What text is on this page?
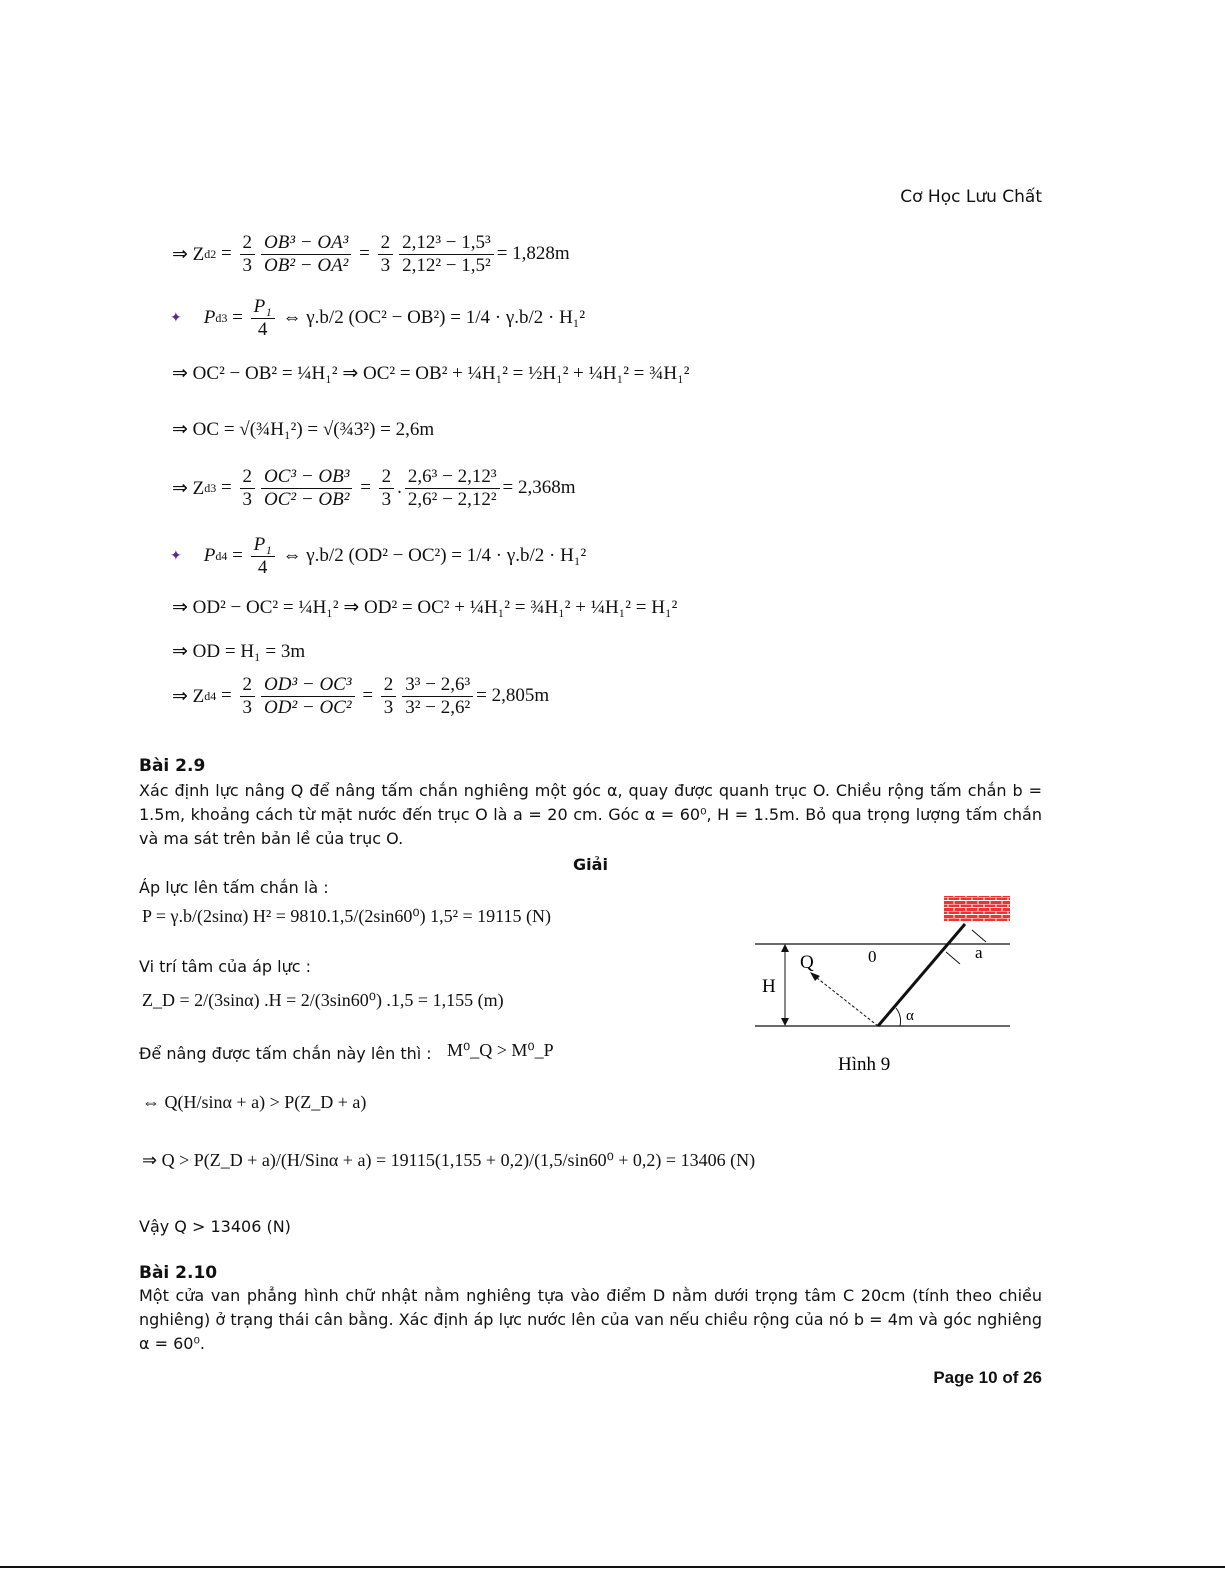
Cơ Học Lưu Chất
⇒ Z $d2 = \frac{2}{3} \frac{\text{OB³ − OA³}}{\text{OB² − OA²}} = \frac{2}{3} \frac{\text{2,12³ − 1,5³}}{\text{2,12² − 1,5²}} = 1,828m$
✦ P $d3 = \frac{\text{P₁}}{4}$
⇔ γ.b/2 (OC² − OB²) = 1/4 · γ.b/2 · H₁²
⇒ OC² − OB² = ¼H₁² ⇒ OC² = OB² + ¼H₁² = ½H₁² + ¼H₁² = ¾H₁²
⇒ OC = √(¾H₁²) = √(¾3²) = 2,6m
⇒ Z $d3 = \frac{2}{3} \frac{\text{OC³ − OB³}}{\text{OC² − OB²}} = \frac{2}{3}$ . $\frac{\text{2,6³ − 2,12³}}{\text{2,6² − 2,12²}} = 2,368m$
✦ P $d4 = \frac{\text{P₁}}{4}$
⇔ γ.b/2 (OD² − OC²) = 1/4 · γ.b/2 · H₁²
⇒ OD² − OC² = ¼H₁² ⇒ OD² = OC² + ¼H₁² = ¾H₁² + ¼H₁² = H₁²
⇒ OD = H₁ = 3m
⇒ Z $d4 = \frac{2}{3} \frac{\text{OD³ − OC³}}{\text{OD² − OC²}} = \frac{2}{3} \frac{\text{3³ − 2,6³}}{\text{3² − 2,6²}} = 2,805m$
Bài 2.9
Xác định lực nâng Q để nâng tấm chắn nghiêng một góc α, quay được quanh trục O. Chiều rộng tấm chắn b = 1.5m, khoảng cách từ mặt nước đến trục O là a = 20 cm. Góc α = 60⁰, H = 1.5m. Bỏ qua trọng lượng tấm chắn và ma sát trên bản lề của trục O.
Giải
Áp lực lên tấm chắn là :
P = γ.b/(2sinα) H² = 9810.1,5/(2sin60⁰) 1,5² = 19115 (N)
Vi trí tâm của áp lực :
Z_D = 2/(3sinα) .H = 2/(3sin60⁰) .1,5 = 1,155 (m)
Để nâng được tấm chắn này lên thì : M⁰_Q > M⁰_P
⇔ Q(H/sinα + a) > P(Z_D + a)
⇒ Q > P(Z_D + a)/(H/Sinα + a) = 19115(1,155 + 0,2)/(1,5/sin60⁰ + 0,2) = 13406 (N)
Vậy Q > 13406 (N)
Q	0
H
a
α
Hình 9
Bài 2.10
Một cửa van phẳng hình chữ nhật nằm nghiêng tựa vào điểm D nằm dưới trọng tâm C 20cm (tính theo chiều nghiêng) ở trạng thái cân bằng. Xác định áp lực nước lên của van nếu chiều rộng của nó b = 4m và góc nghiêng α = 60⁰.
Page 10 of 26
